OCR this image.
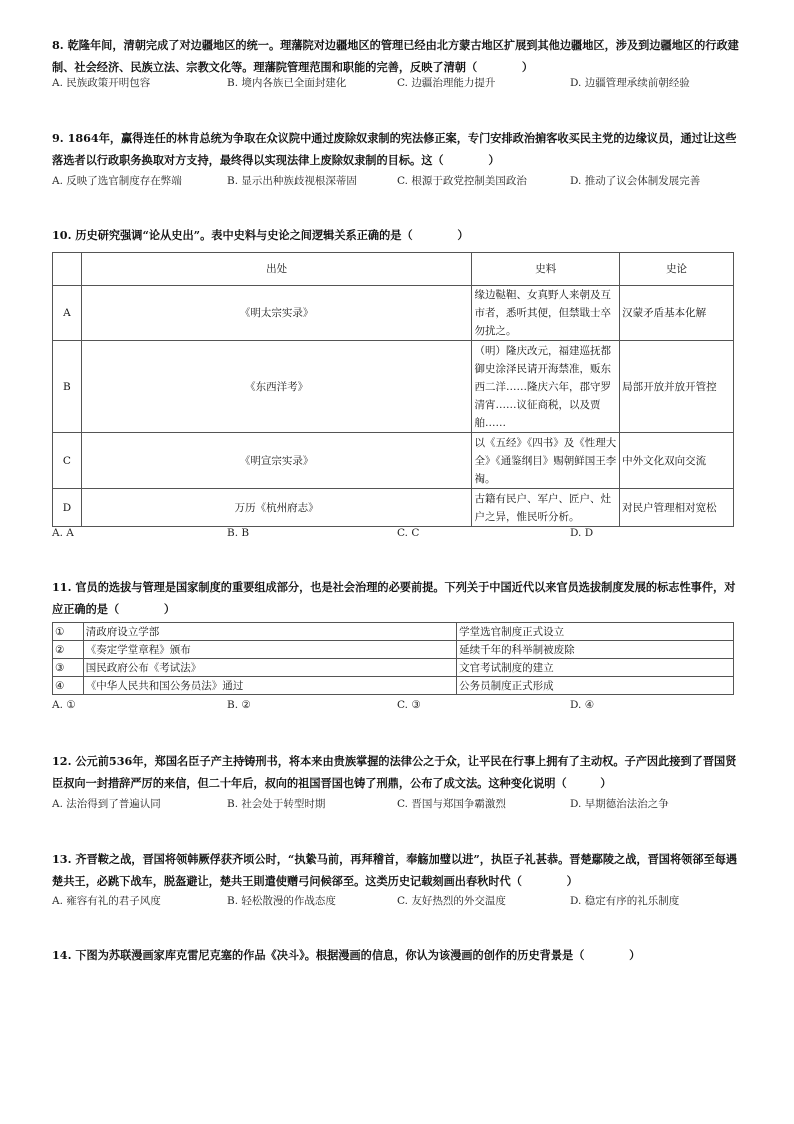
8. 乾隆年间，清朝完成了对边疆地区的统一。理藩院对边疆地区的管理已经由北方蒙古地区扩展到其他边疆地区，涉及到边疆地区的行政建制、社会经济、民族立法、宗教文化等。理藩院管理范围和职能的完善，反映了清朝（　　　　）
A. 民族政策开明包容	B. 境内各族已全面封建化	C. 边疆治理能力提升	D. 边疆管理承续前朝经验
9. 1864年，赢得连任的林肯总统为争取在众议院中通过废除奴隶制的宪法修正案，专门安排政治掮客收买民主党的边缘议员，通过让这些落选者以行政职务换取对方支持，最终得以实现法律上废除奴隶制的目标。这（　　　　）
A. 反映了选官制度存在弊端	B. 显示出种族歧视根深蒂固	C. 根源于政党控制美国政治	D. 推动了议会体制发展完善
10. 历史研究强调“论从史出”。表中史料与史论之间逻辑关系正确的是（　　　　）
	出处	史料	史论
A	《明太宗实录》	缘边鞑靼、女真野人来朝及互市者，悉听其便，但禁戢士卒勿扰之。	汉蒙矛盾基本化解
B	《东西洋考》	（明）隆庆改元，福建巡抚都御史涂泽民请开海禁准，贩东西二洋……隆庆六年，郡守罗清宵……议征商税，以及贾舶……	局部开放并放开管控
C	《明宣宗实录》	以《五经》《四书》及《性理大全》《通鉴纲目》赐朝鲜国王李祹。	中外文化双向交流
D	万历《杭州府志》	古籍有民户、军户、匠户、灶户之异，惟民听分析。	对民户管理相对宽松
A. A	B. B	C. C	D. D
11. 官员的选拔与管理是国家制度的重要组成部分，也是社会治理的必要前提。下列关于中国近代以来官员选拔制度发展的标志性事件，对应正确的是（　　　　）
①	清政府设立学部	学堂选官制度正式设立
②	《奏定学堂章程》颁布	延续千年的科举制被废除
③	国民政府公布《考试法》	文官考试制度的建立
④	《中华人民共和国公务员法》通过	公务员制度正式形成
A. ①	B. ②	C. ③	D. ④
12. 公元前536年，郑国名臣子产主持铸刑书，将本来由贵族掌握的法律公之于众，让平民在行事上拥有了主动权。子产因此接到了晋国贤臣叔向一封措辞严厉的来信，但二十年后，叔向的祖国晋国也铸了刑鼎，公布了成文法。这种变化说明（　　　）
A. 法治得到了普遍认同	B. 社会处于转型时期	C. 晋国与郑国争霸激烈	D. 早期德治法治之争
13. 齐晋鞍之战，晋国将领韩厥俘获齐顷公时，“执絷马前，再拜稽首，奉觞加璧以进”，执臣子礼甚恭。晋楚鄢陵之战，晋国将领郤至每遇楚共王，必跳下战车，脱盔避让，楚共王則遣使赠弓问候郤至。这类历史记载刻画出春秋时代（　　　　）
A. 雍容有礼的君子风度	B. 轻松散漫的作战态度	C. 友好热烈的外交温度	D. 稳定有序的礼乐制度
14. 下图为苏联漫画家库克雷尼克塞的作品《决斗》。根据漫画的信息，你认为该漫画的创作的历史背景是（　　　　）
